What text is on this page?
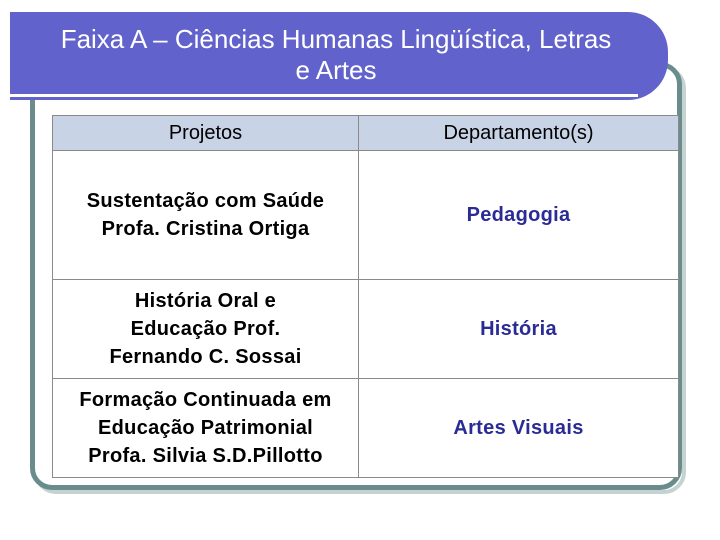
Faixa A – Ciências Humanas Lingüística, Letras
e Artes
Projetos	Departamento(s)

Sustentação com Saúde
Profa. Cristina Ortiga	Pedagogia

História Oral e
Educação Prof.
Fernando C. Sossai	História

Formação Continuada em
Educação Patrimonial
Profa. Silvia S.D.Pillotto	Artes Visuais
